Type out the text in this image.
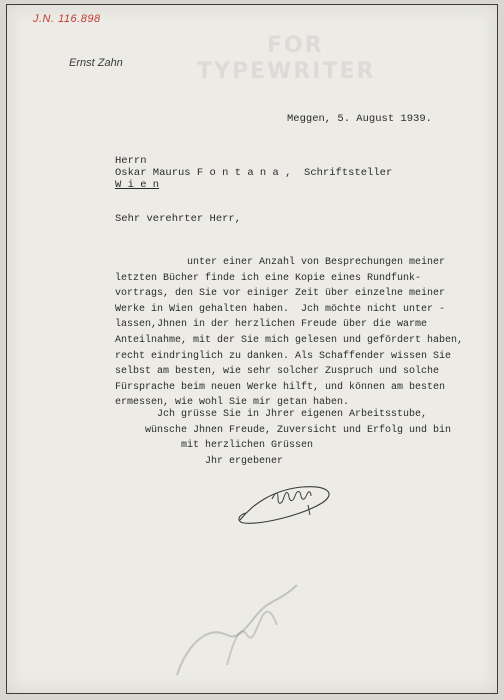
J.N. 116.898
Ernst Zahn
FOR
TYPEWRITER
Meggen, 5. August 1939.
Herrn
Oskar Maurus F o n t a n a ,  Schriftsteller
W i e n
Sehr verehrter Herr,
unter einer Anzahl von Besprechungen meiner
letzten Bücher finde ich eine Kopie eines Rundfunk-
vortrags, den Sie vor einiger Zeit über einzelne meiner
Werke in Wien gehalten haben.  Jch möchte nicht unter -
lassen,Jhnen in der herzlichen Freude über die warme
Anteilnahme, mit der Sie mich gelesen und gefördert haben,
recht eindringlich zu danken. Als Schaffender wissen Sie
selbst am besten, wie sehr solcher Zuspruch und solche
Fürsprache beim neuen Werke hilft, und können am besten
ermessen, wie wohl Sie mir getan haben.
Jch grüsse Sie in Jhrer eigenen Arbeitsstube,
wünsche Jhnen Freude, Zuversicht und Erfolg und bin
mit herzlichen Grüssen
Jhr ergebener
